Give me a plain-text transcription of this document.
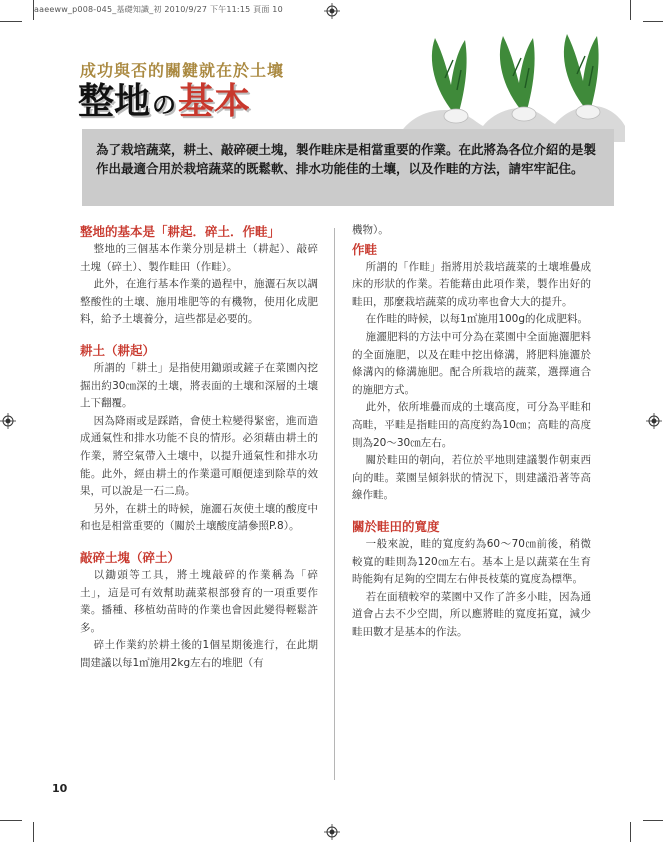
aaeeww_p008-045_基礎知識_初 2010/9/27 下午11:15 頁面 10
成功與否的關鍵就在於土壤
整地の基本
為了栽培蔬菜，耕土、敲碎硬土塊，製作畦床是相當重要的作業。在此將為各位介紹的是製作出最適合用於栽培蔬菜的既鬆軟、排水功能佳的土壤，以及作畦的方法，請牢牢記住。
整地的基本是「耕起．碎土．作畦」

整地的三個基本作業分別是耕土（耕起）、敲碎土塊（碎土）、製作畦田（作畦）。

此外，在進行基本作業的過程中，施灑石灰以調整酸性的土壤、施用堆肥等的有機物，使用化成肥料，給予土壤養分，這些都是必要的。

耕土（耕起）

所謂的「耕土」是指使用鋤頭或鏟子在菜園內挖掘出約30㎝深的土壤，將表面的土壤和深層的土壤上下翻覆。

因為降雨或是踩踏，會使土粒變得緊密，進而造成通氣性和排水功能不良的情形。必須藉由耕土的作業，將空氣帶入土壤中，以提升通氣性和排水功能。此外，經由耕土的作業還可順便達到除草的效果，可以說是一石二鳥。

另外，在耕土的時候，施灑石灰使土壤的酸度中和也是相當重要的（關於土壤酸度請參照P.8）。

敲碎土塊（碎土）

以鋤頭等工具，將土塊敲碎的作業稱為「碎土」，這是可有效幫助蔬菜根部發育的一項重要作業。播種、移植幼苗時的作業也會因此變得輕鬆許多。

碎土作業約於耕土後的1個星期後進行，在此期間建議以每1㎡施用2kg左右的堆肥（有

機物）。

作畦

所謂的「作畦」指將用於栽培蔬菜的土壤堆疊成床的形狀的作業。若能藉由此項作業，製作出好的畦田，那麼栽培蔬菜的成功率也會大大的提升。

在作畦的時候，以每1㎡施用100g的化成肥料。

施灑肥料的方法中可分為在菜園中全面施灑肥料的全面施肥，以及在畦中挖出條溝，將肥料施灑於條溝內的條溝施肥。配合所栽培的蔬菜，選擇適合的施肥方式。

此外，依所堆疊而成的土壤高度，可分為平畦和高畦，平畦是指畦田的高度約為10㎝；高畦的高度則為20～30㎝左右。

關於畦田的朝向，若位於平地則建議製作朝東西向的畦。菜園呈傾斜狀的情況下，則建議沿著等高線作畦。

關於畦田的寬度

一般來說，畦的寬度約為60～70㎝前後，稍微較寬的畦則為120㎝左右。基本上是以蔬菜在生育時能夠有足夠的空間左右伸長枝葉的寬度為標準。

若在面積較窄的菜園中又作了許多小畦，因為通道會占去不少空間，所以應將畦的寬度拓寬，減少畦田數才是基本的作法。

10
